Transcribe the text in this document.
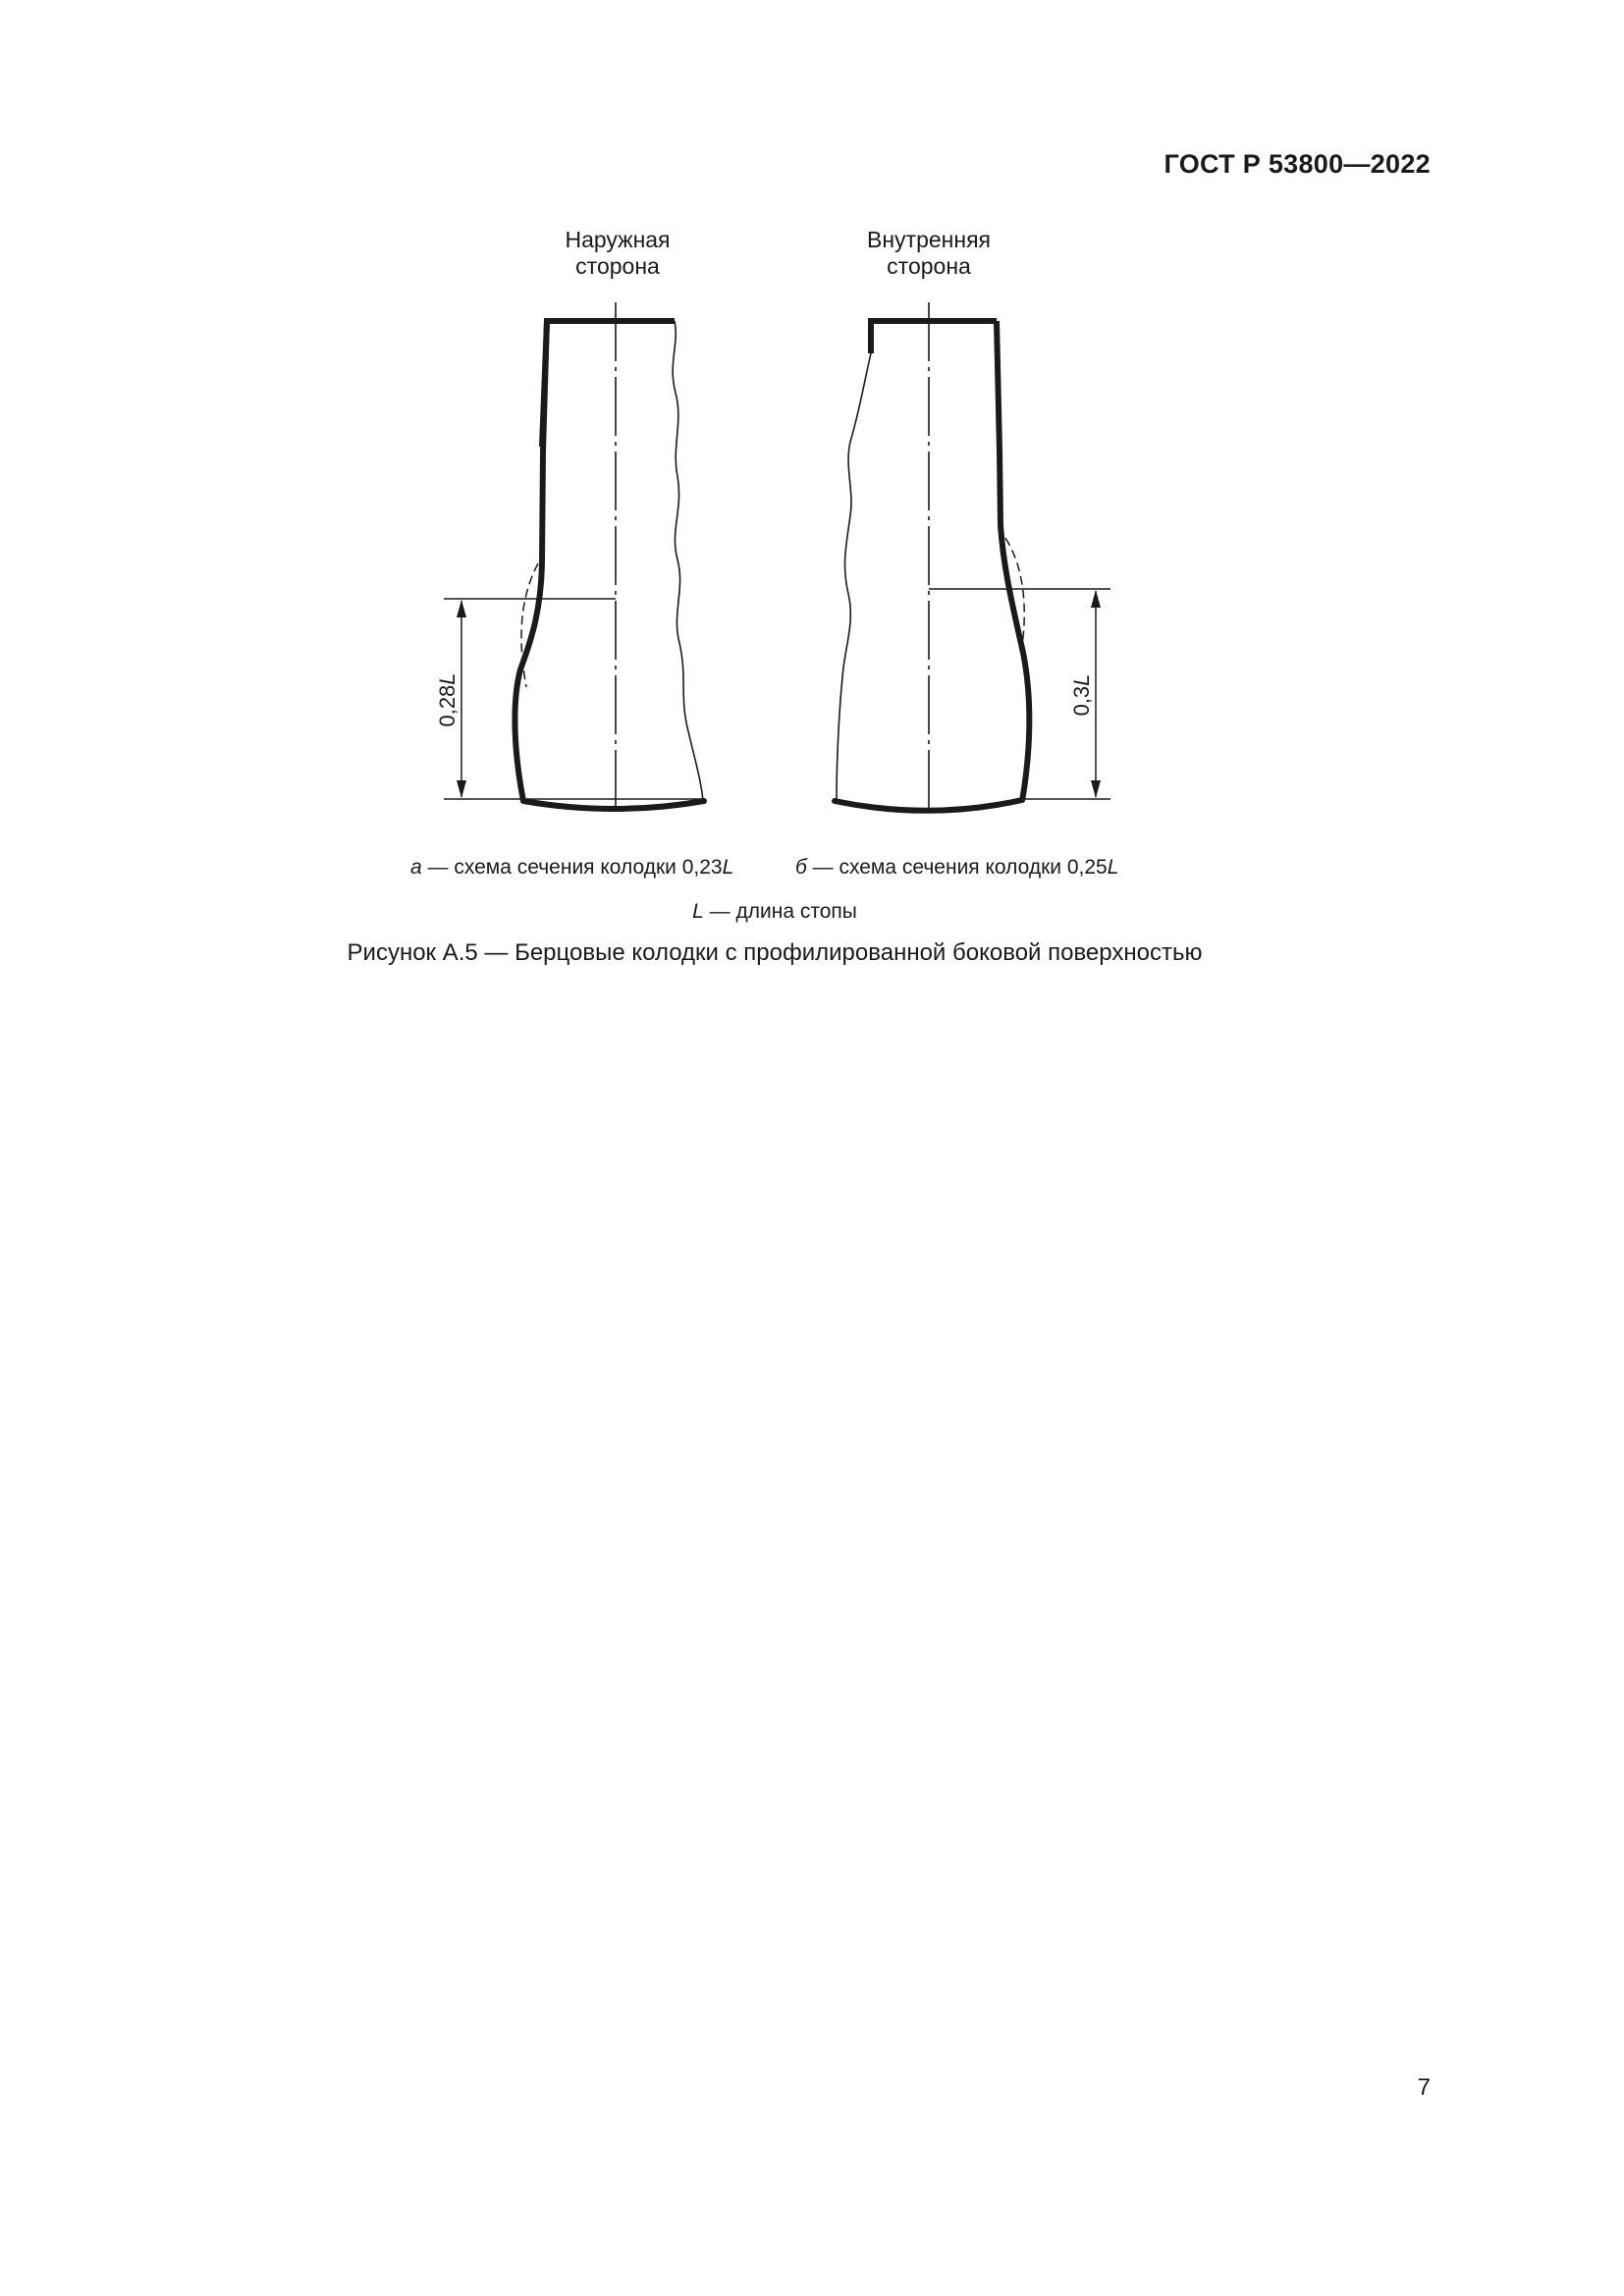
ГОСТ Р 53800—2022
Наружная
сторона
Внутренняя
сторона
0,28L
0,3L
а — схема сечения колодки 0,23L	б — схема сечения колодки 0,25L
L — длина стопы
Рисунок А.5 — Берцовые колодки с профилированной боковой поверхностью
7
